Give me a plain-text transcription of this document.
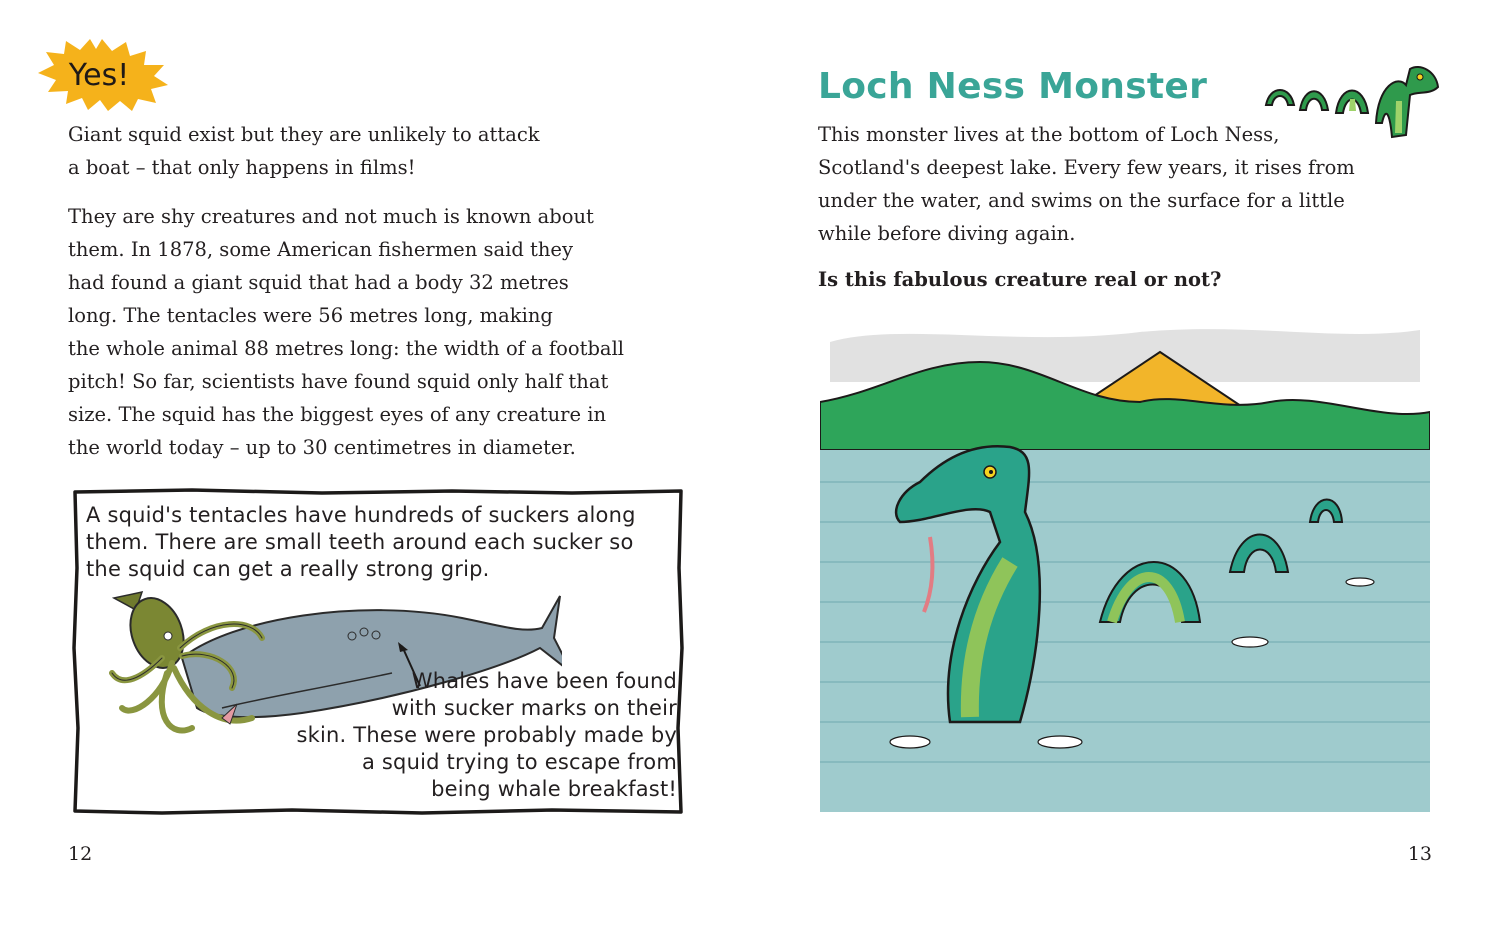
Yes!

Giant squid exist but they are unlikely to attack
a boat – that only happens in films!

They are shy creatures and not much is known about
them. In 1878, some American fishermen said they
had found a giant squid that had a body 32 metres
long. The tentacles were 56 metres long, making
the whole animal 88 metres long: the width of a football
pitch! So far, scientists have found squid only half that
size. The squid has the biggest eyes of any creature in
the world today – up to 30 centimetres in diameter.

A squid's tentacles have hundreds of suckers along
them. There are small teeth around each sucker so
the squid can get a really strong grip.
Whales have been found
with sucker marks on their
skin. These were probably made by
a squid trying to escape from
being whale breakfast!
12
Loch Ness Monster

This monster lives at the bottom of Loch Ness,
Scotland's deepest lake. Every few years, it rises from
under the water, and swims on the surface for a little
while before diving again.

Is this fabulous creature real or not?

13
